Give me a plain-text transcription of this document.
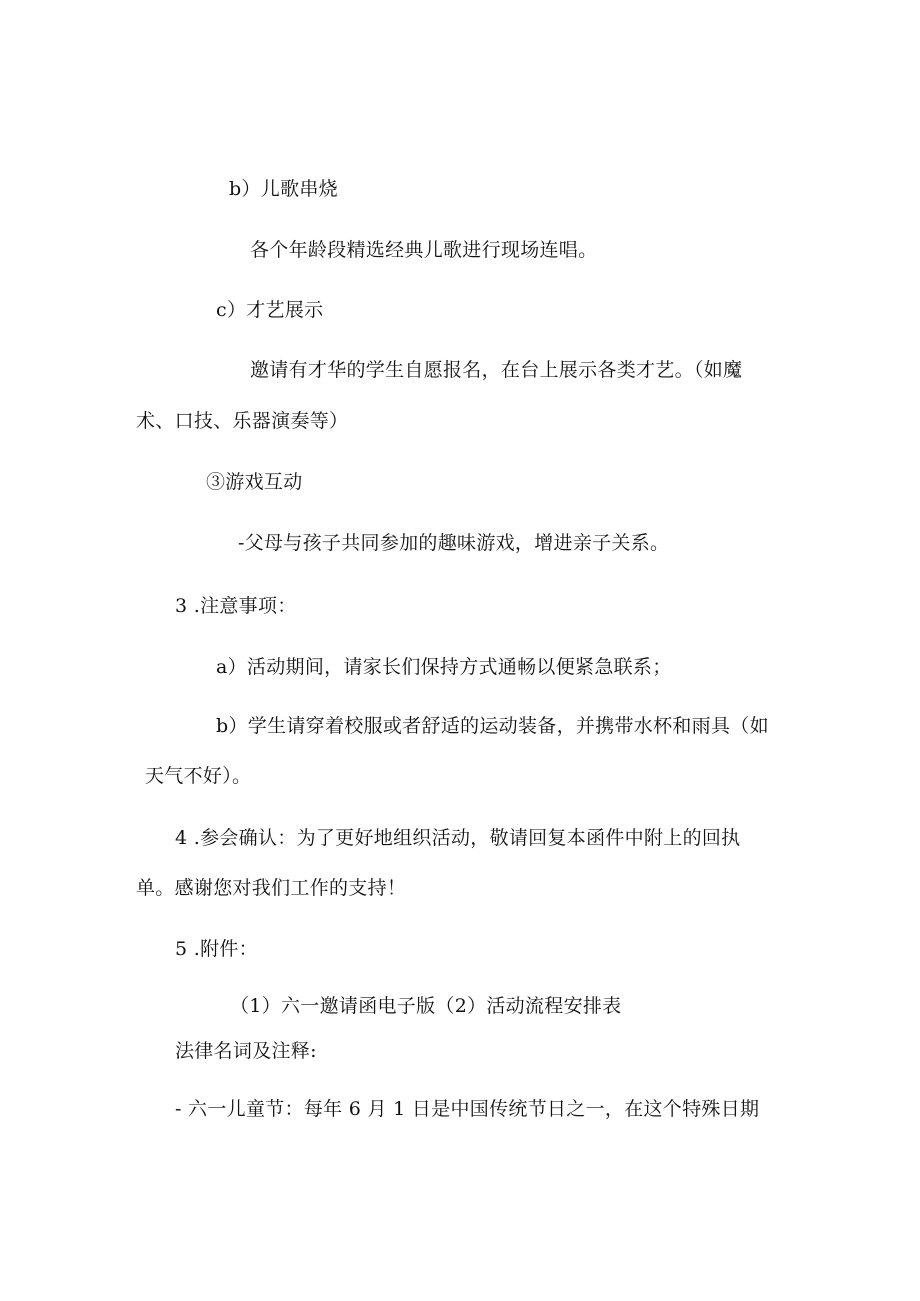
b）儿歌串烧
各个年龄段精选经典儿歌进行现场连唱。
c）才艺展示
邀请有才华的学生自愿报名，在台上展示各类才艺。（如魔
术、口技、乐器演奏等）
③游戏互动
-父母与孩子共同参加的趣味游戏，增进亲子关系。
3 .注意事项：
a）活动期间，请家长们保持方式通畅以便紧急联系；
b）学生请穿着校服或者舒适的运动装备，并携带水杯和雨具（如
天气不好）。
4 .参会确认：为了更好地组织活动，敬请回复本函件中附上的回执
单。感谢您对我们工作的支持！
5 .附件：
（1）六一邀请函电子版（2）活动流程安排表
法律名词及注释:
- 六一儿童节：每年 6 月 1 日是中国传统节日之一，在这个特殊日期
